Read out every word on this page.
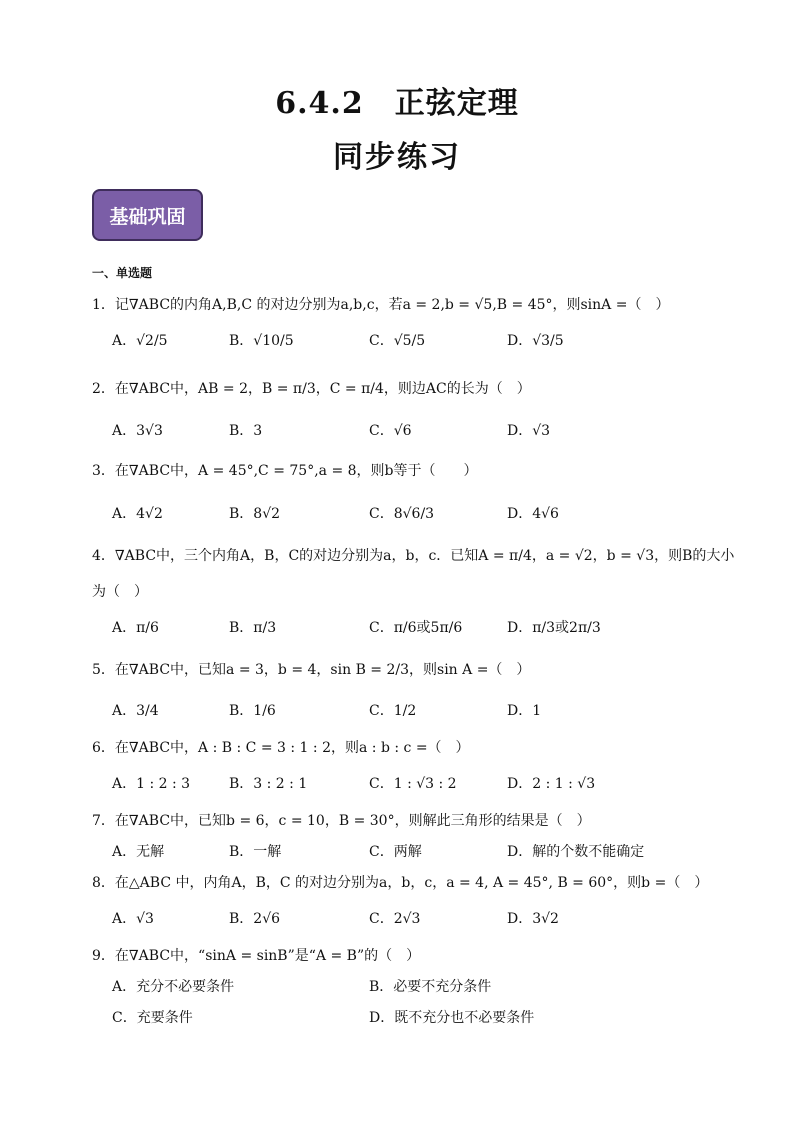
6.4.2　正弦定理
同步练习
基础巩固
一、单选题
1．记∇ABC的内角A,B,C 的对边分别为a,b,c，若a = 2,b = √5,B = 45°，则sinA =（　）
A．√2/5	B．√10/5	C．√5/5	D．√3/5
2．在∇ABC中，AB = 2，B = π/3，C = π/4，则边AC的长为（　）
A．3√3	B．3	C．√6	D．√3
3．在∇ABC中，A = 45°,C = 75°,a = 8，则b等于（　　）
A．4√2	B．8√2	C．8√6/3	D．4√6
4．∇ABC中，三个内角A，B，C的对边分别为a，b，c．已知A = π/4，a = √2，b = √3，则B的大小
为（　）
A．π/6	B．π/3	C．π/6或5π/6	D．π/3或2π/3
5．在∇ABC中，已知a = 3，b = 4，sin B = 2/3，则sin A =（　）
A．3/4	B．1/6	C．1/2	D．1
6．在∇ABC中，A : B : C = 3 : 1 : 2，则a : b : c =（　）
A．1 : 2 : 3	B．3 : 2 : 1	C．1 : √3 : 2	D．2 : 1 : √3
7．在∇ABC中，已知b = 6，c = 10，B = 30°，则解此三角形的结果是（　）
A．无解	B．一解	C．两解	D．解的个数不能确定
8．在△ABC 中，内角A，B，C 的对边分别为a，b，c，a = 4, A = 45°, B = 60°，则b =（　）
A．√3	B．2√6	C．2√3	D．3√2
9．在∇ABC中，“sinA = sinB”是“A = B”的（　）
A．充分不必要条件	B．必要不充分条件
C．充要条件	D．既不充分也不必要条件
